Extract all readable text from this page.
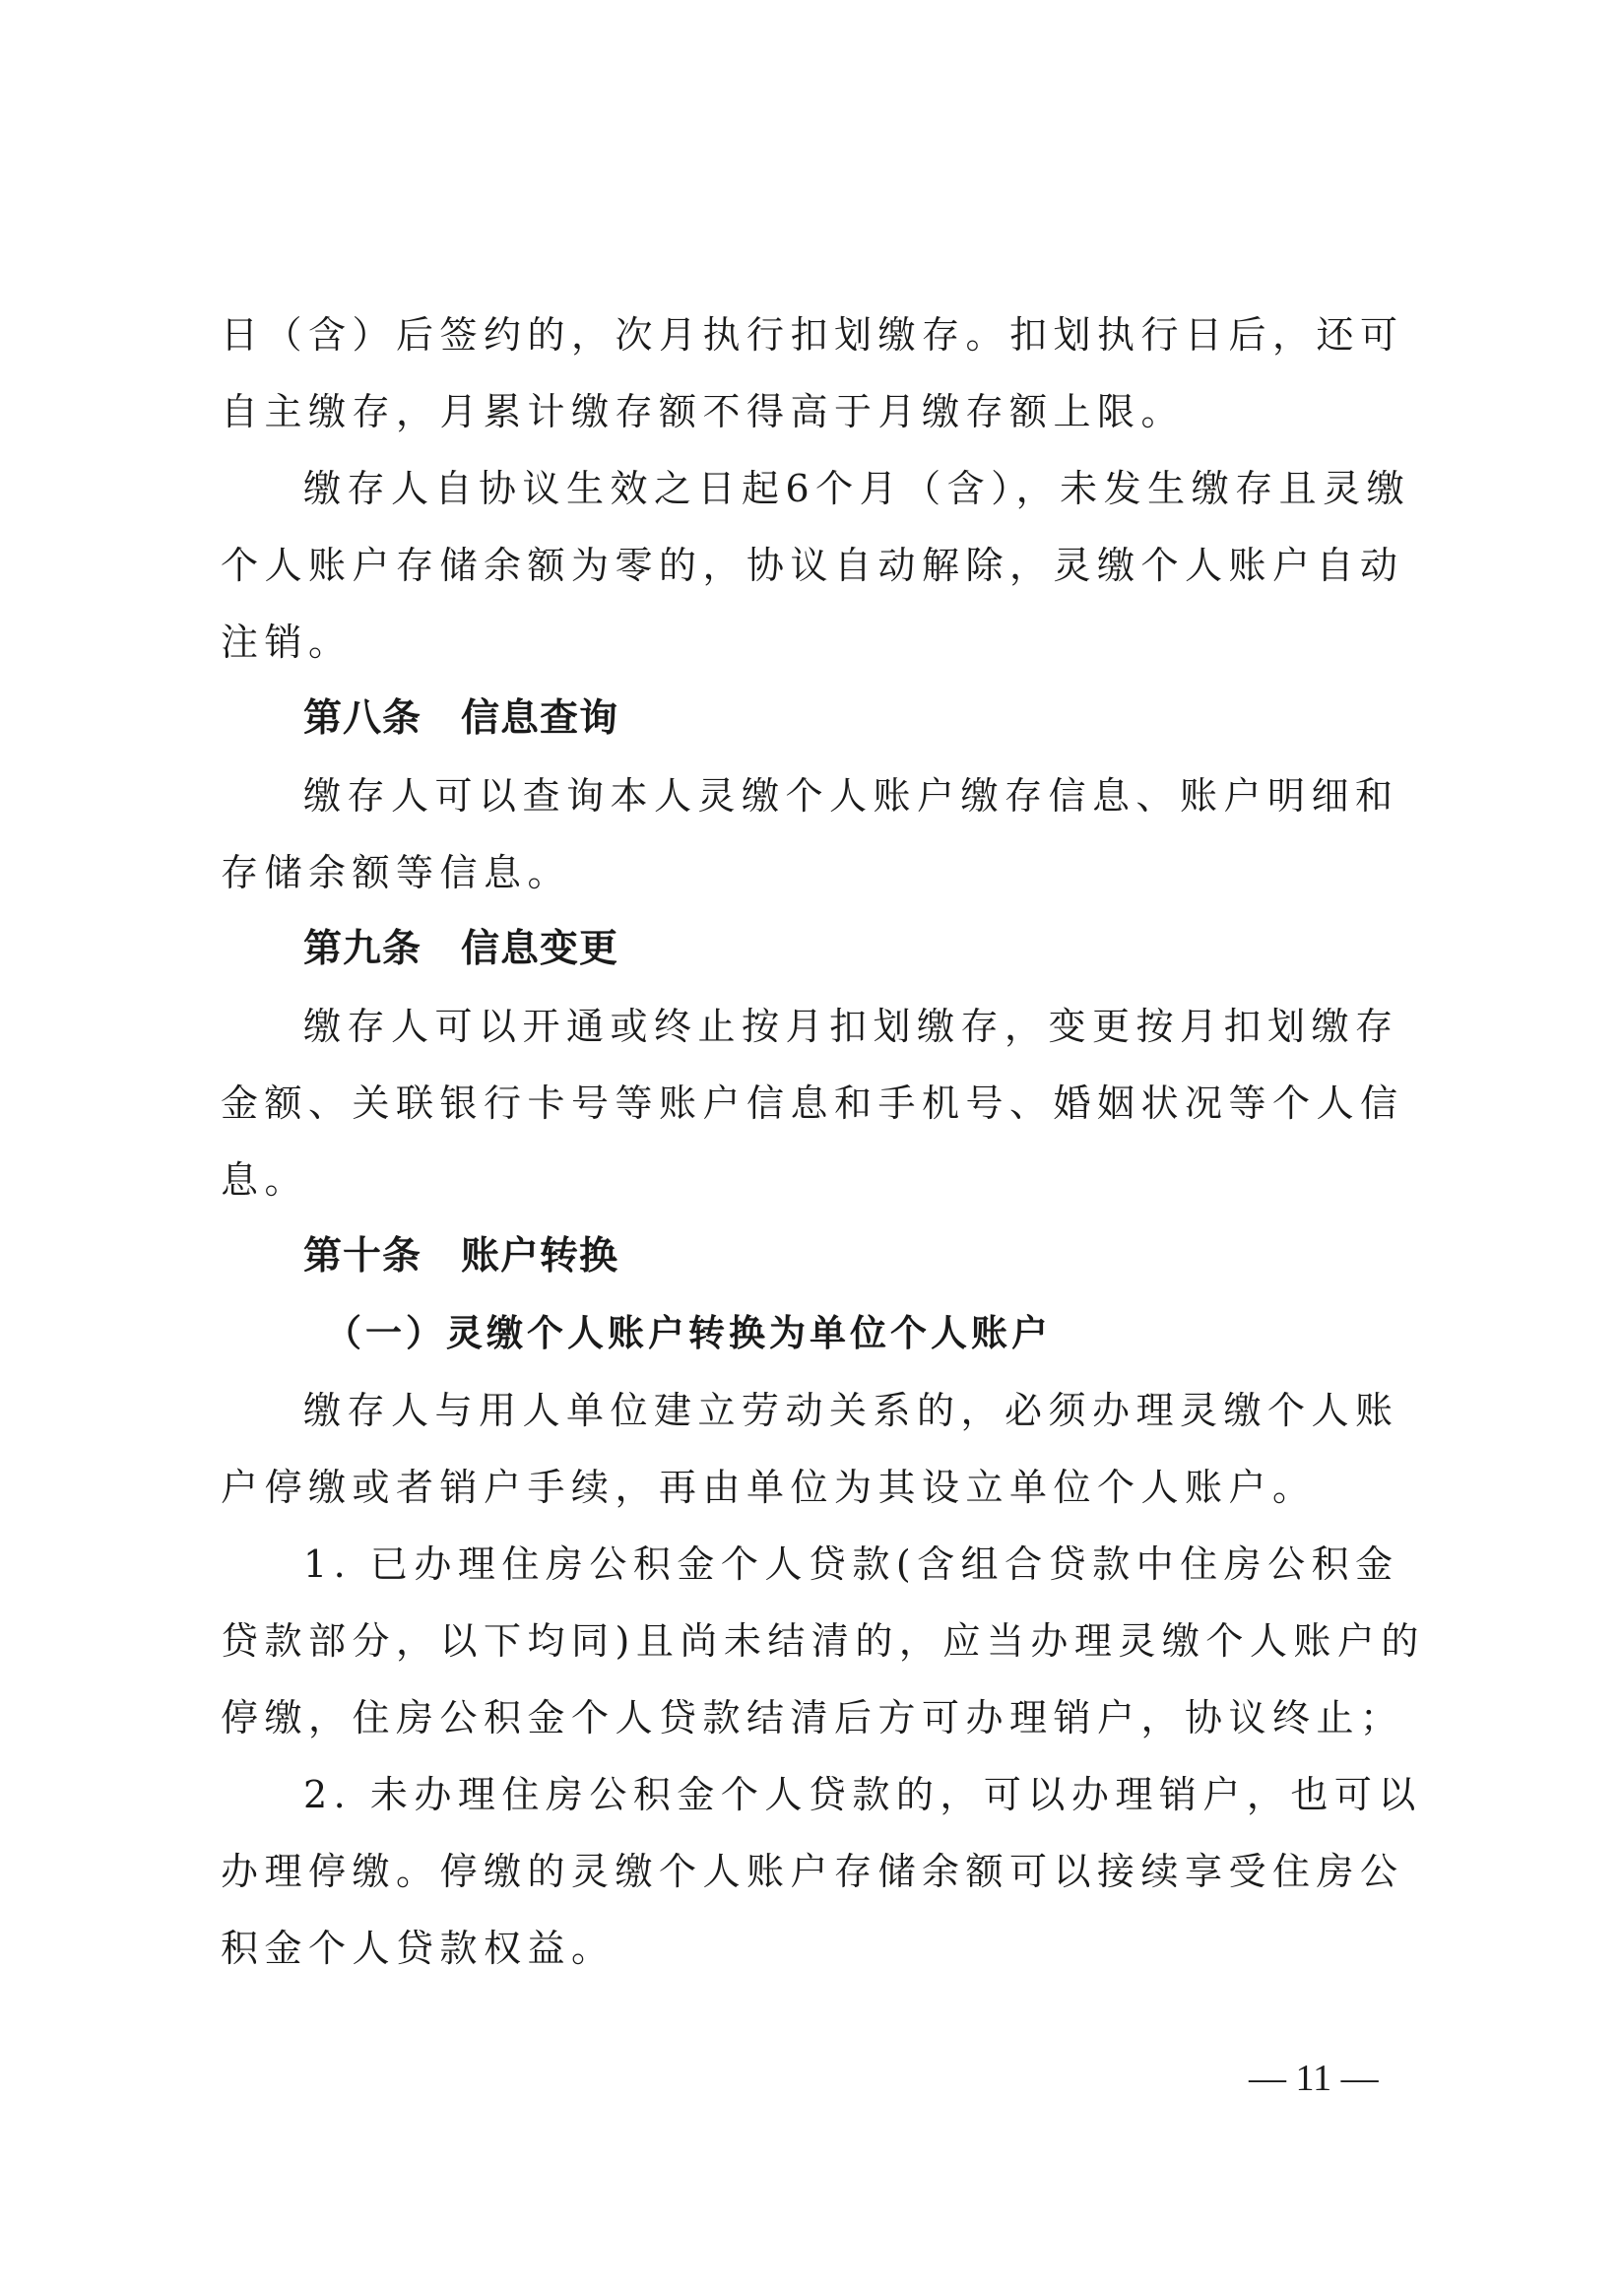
日（含）后签约的，次月执行扣划缴存。扣划执行日后，还可
自主缴存，月累计缴存额不得高于月缴存额上限。
缴存人自协议生效之日起6个月（含），未发生缴存且灵缴
个人账户存储余额为零的，协议自动解除，灵缴个人账户自动
注销。
第八条　信息查询
缴存人可以查询本人灵缴个人账户缴存信息、账户明细和
存储余额等信息。
第九条　信息变更
缴存人可以开通或终止按月扣划缴存，变更按月扣划缴存
金额、关联银行卡号等账户信息和手机号、婚姻状况等个人信
息。
第十条　账户转换
（一）灵缴个人账户转换为单位个人账户
缴存人与用人单位建立劳动关系的，必须办理灵缴个人账
户停缴或者销户手续，再由单位为其设立单位个人账户。
1. 已办理住房公积金个人贷款(含组合贷款中住房公积金
贷款部分，以下均同)且尚未结清的，应当办理灵缴个人账户的
停缴，住房公积金个人贷款结清后方可办理销户，协议终止；
2. 未办理住房公积金个人贷款的，可以办理销户，也可以
办理停缴。停缴的灵缴个人账户存储余额可以接续享受住房公
积金个人贷款权益。
— 11 —
